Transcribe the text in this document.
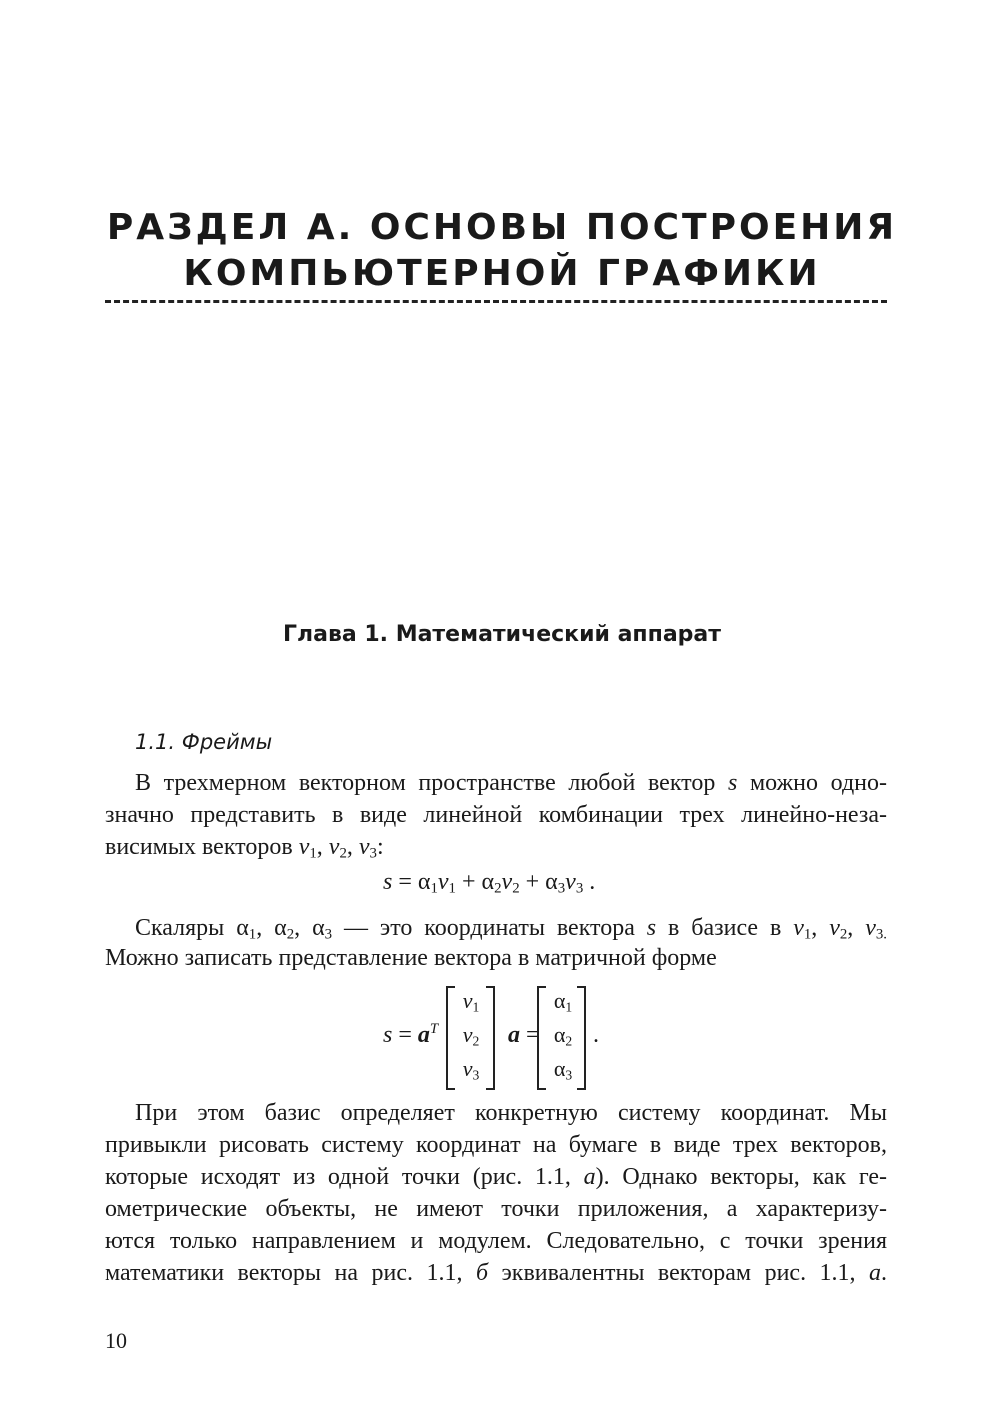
РАЗДЕЛ А. ОСНОВЫ ПОСТРОЕНИЯ
КОМПЬЮТЕРНОЙ ГРАФИКИ
Глава 1. Математический аппарат
1.1. Фреймы
В трехмерном векторном пространстве любой вектор s можно одно-
значно представить в виде линейной комбинации трех линейно-неза-
висимых векторов $v_1$, $v_2$, $v_3$:
$s = \alpha_1v_1 + \alpha_2v_2 + \alpha_3v_3$ .
Скаляры $\alpha_1$, $\alpha_2$, $\alpha_3$ — это координаты вектора s в базисе в $v_1$, $v_2$, $v_{3.}$
Можно записать представление вектора в матричной форме
$s = a^T$
$v_1$
$v_2$
$v_3$
a =
$\alpha_1$
$\alpha_2$
$\alpha_3$
.
При этом базис определяет конкретную систему координат. Мы
привыкли рисовать систему координат на бумаге в виде трех векторов,
которые исходят из одной точки (рис. 1.1, а). Однако векторы, как ге-
ометрические объекты, не имеют точки приложения, а характеризу-
ются только направлением и модулем. Следовательно, с точки зрения
математики векторы на рис. 1.1, б эквивалентны векторам рис. 1.1, а.
10
